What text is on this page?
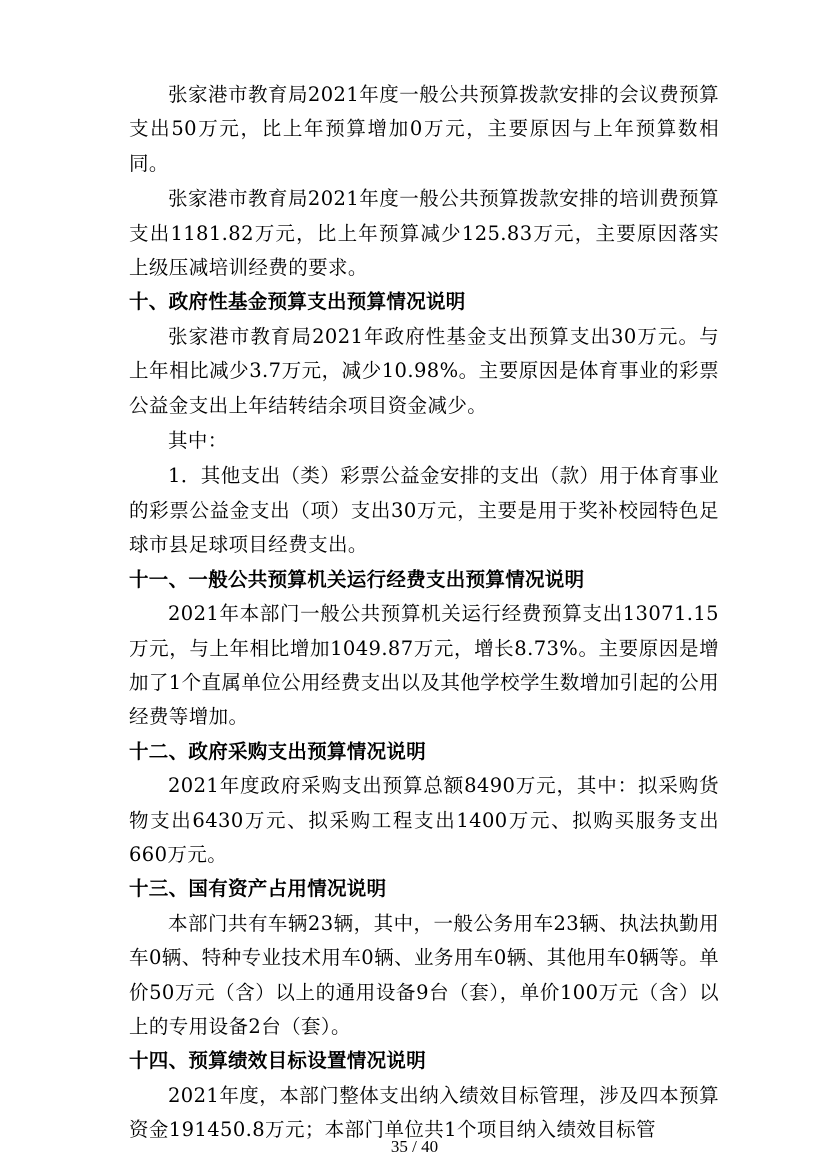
张家港市教育局2021年度一般公共预算拨款安排的会议费预算支出50万元，比上年预算增加0万元，主要原因与上年预算数相同。

张家港市教育局2021年度一般公共预算拨款安排的培训费预算支出1181.82万元，比上年预算减少125.83万元，主要原因落实上级压减培训经费的要求。

十、政府性基金预算支出预算情况说明

张家港市教育局2021年政府性基金支出预算支出30万元。与上年相比减少3.7万元，减少10.98%。主要原因是体育事业的彩票公益金支出上年结转结余项目资金减少。

其中：

1．其他支出（类）彩票公益金安排的支出（款）用于体育事业的彩票公益金支出（项）支出30万元，主要是用于奖补校园特色足球市县足球项目经费支出。

十一、一般公共预算机关运行经费支出预算情况说明

2021年本部门一般公共预算机关运行经费预算支出13071.15万元，与上年相比增加1049.87万元，增长8.73%。主要原因是增加了1个直属单位公用经费支出以及其他学校学生数增加引起的公用经费等增加。

十二、政府采购支出预算情况说明

2021年度政府采购支出预算总额8490万元，其中：拟采购货物支出6430万元、拟采购工程支出1400万元、拟购买服务支出660万元。

十三、国有资产占用情况说明

本部门共有车辆23辆，其中，一般公务用车23辆、执法执勤用车0辆、特种专业技术用车0辆、业务用车0辆、其他用车0辆等。单价50万元（含）以上的通用设备9台（套），单价100万元（含）以上的专用设备2台（套）。

十四、预算绩效目标设置情况说明

2021年度，本部门整体支出纳入绩效目标管理，涉及四本预算资金191450.8万元；本部门单位共1个项目纳入绩效目标管

35 / 40
